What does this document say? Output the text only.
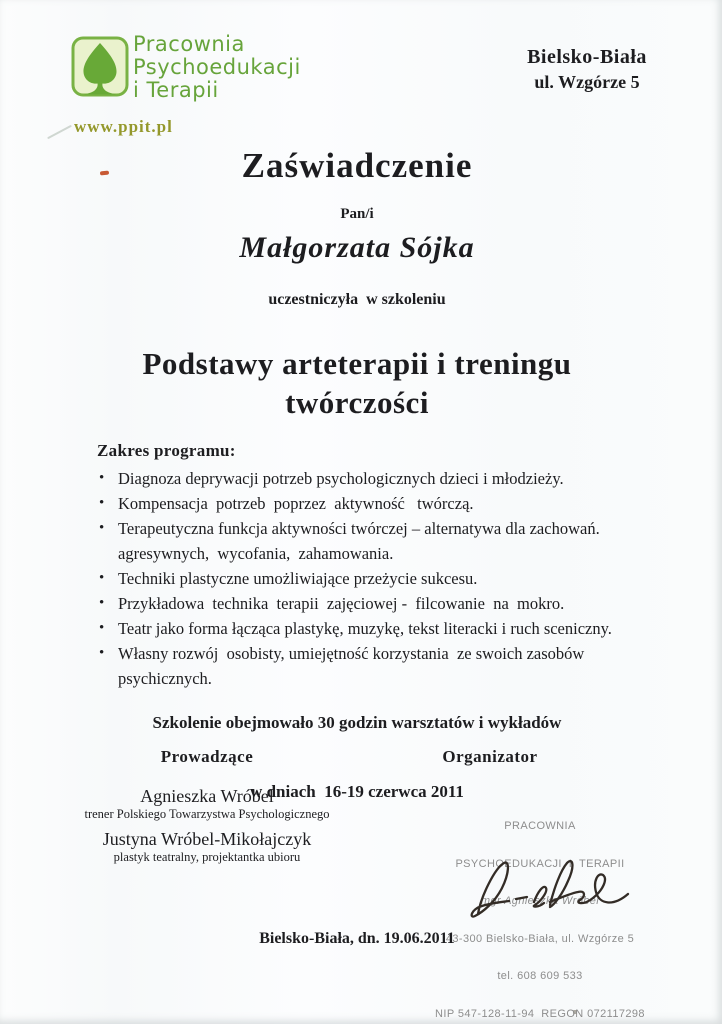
Pracownia
Psychoedukacji
i Terapii
www.ppit.pl
Bielsko-Biała
ul. Wzgórze 5
Zaświadczenie
Pan/i
Małgorzata Sójka
uczestniczyła  w szkoleniu
Podstawy arteterapii i treningu
twórczości
Zakres programu:
• Diagnoza deprywacji potrzeb psychologicznych dzieci i młodzieży.
• Kompensacja  potrzeb  poprzez  aktywność   twórczą.
• Terapeutyczna funkcja aktywności twórczej – alternatywa dla zachowań.
agresywnych,  wycofania,  zahamowania.
• Techniki plastyczne umożliwiające przeżycie sukcesu.
• Przykładowa  technika  terapii  zajęciowej -  filcowanie  na  mokro.
• Teatr jako forma łącząca plastykę, muzykę, tekst literacki i ruch sceniczny.
• Własny rozwój  osobisty, umiejętność korzystania  ze swoich zasobów   psychicznych.

Szkolenie obejmowało 30 godzin warsztatów i wykładów

w dniach  16-19 czerwca 2011

Prowadzące	Organizator
Agnieszka Wróbel
trener Polskiego Towarzystwa Psychologicznego
Justyna Wróbel-Mikołajczyk
plastyk teatralny, projektantka ubioru

PRACOWNIA

PSYCHOEDUKACJI  I  TERAPII

mgr Agnieszka Wróbel

43-300 Bielsko-Biała, ul. Wzgórze 5

tel. 608 609 533

NIP 547-128-11-94  REGON 072117298

Bielsko-Biała, dn. 19.06.2011
